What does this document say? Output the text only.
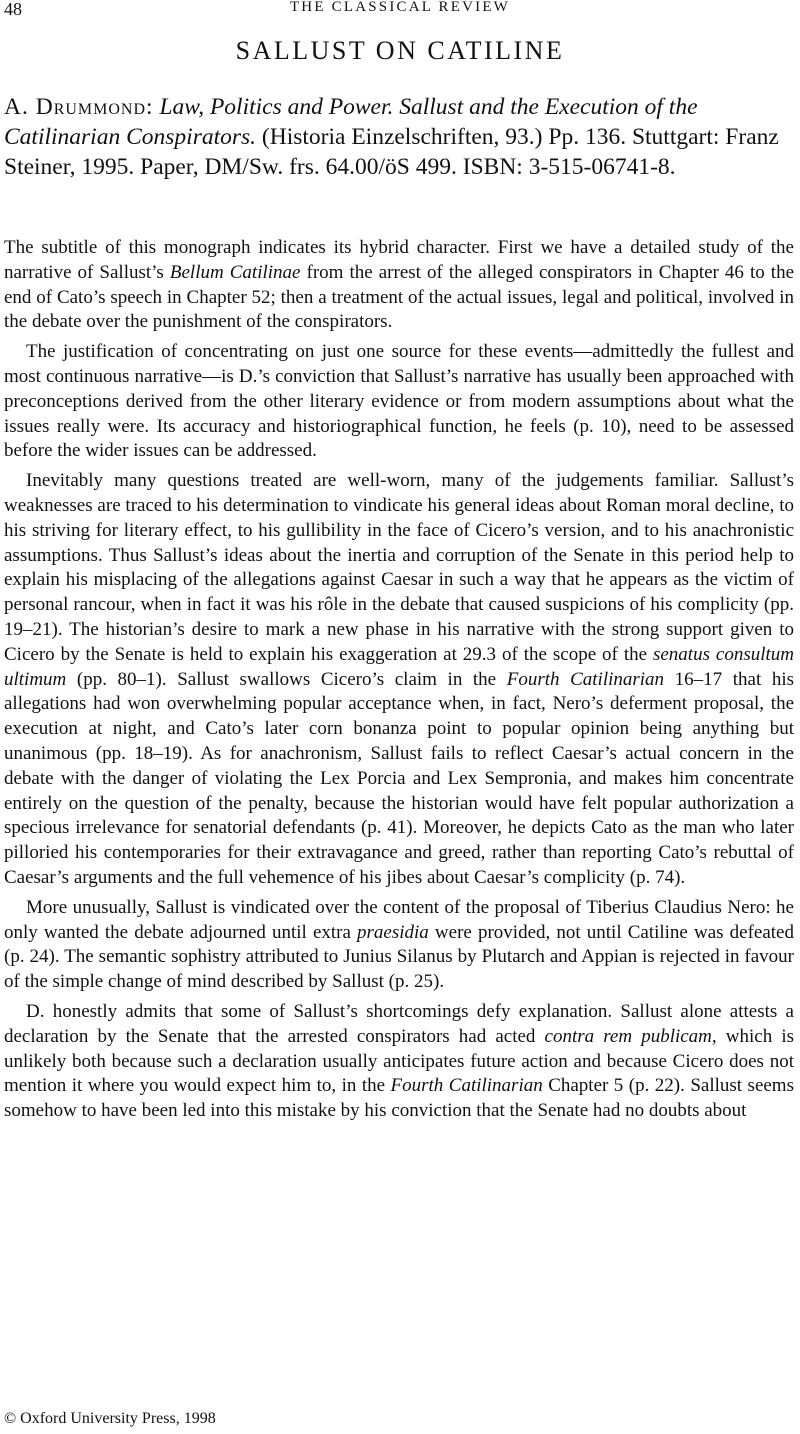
48	THE CLASSICAL REVIEW
SALLUST ON CATILINE
A. Drummond: Law, Politics and Power. Sallust and the Execution of the Catilinarian Conspirators. (Historia Einzelschriften, 93.) Pp. 136. Stuttgart: Franz Steiner, 1995. Paper, DM/Sw. frs. 64.00/öS 499. ISBN: 3-515-06741-8.

The subtitle of this monograph indicates its hybrid character. First we have a detailed study of the narrative of Sallust’s Bellum Catilinae from the arrest of the alleged conspirators in Chapter 46 to the end of Cato’s speech in Chapter 52; then a treatment of the actual issues, legal and political, involved in the debate over the punishment of the conspirators.

The justification of concentrating on just one source for these events—admittedly the fullest and most continuous narrative—is D.’s conviction that Sallust’s narrative has usually been approached with preconceptions derived from the other literary evidence or from modern assumptions about what the issues really were. Its accuracy and historiographical function, he feels (p. 10), need to be assessed before the wider issues can be addressed.

Inevitably many questions treated are well-worn, many of the judgements familiar. Sallust’s weaknesses are traced to his determination to vindicate his general ideas about Roman moral decline, to his striving for literary effect, to his gullibility in the face of Cicero’s version, and to his anachronistic assumptions. Thus Sallust’s ideas about the inertia and corruption of the Senate in this period help to explain his misplacing of the allegations against Caesar in such a way that he appears as the victim of personal rancour, when in fact it was his rôle in the debate that caused suspicions of his complicity (pp. 19–21). The historian’s desire to mark a new phase in his narrative with the strong support given to Cicero by the Senate is held to explain his exaggeration at 29.3 of the scope of the senatus consultum ultimum (pp. 80–1). Sallust swallows Cicero’s claim in the Fourth Catilinarian 16–17 that his allegations had won overwhelming popular acceptance when, in fact, Nero’s deferment proposal, the execution at night, and Cato’s later corn bonanza point to popular opinion being anything but unanimous (pp. 18–19). As for anachronism, Sallust fails to reflect Caesar’s actual concern in the debate with the danger of violating the Lex Porcia and Lex Sempronia, and makes him concentrate entirely on the question of the penalty, because the historian would have felt popular authorization a specious irrelevance for senatorial defendants (p. 41). Moreover, he depicts Cato as the man who later pilloried his contemporaries for their extravagance and greed, rather than reporting Cato’s rebuttal of Caesar’s arguments and the full vehemence of his jibes about Caesar’s complicity (p. 74).

More unusually, Sallust is vindicated over the content of the proposal of Tiberius Claudius Nero: he only wanted the debate adjourned until extra praesidia were provided, not until Catiline was defeated (p. 24). The semantic sophistry attributed to Junius Silanus by Plutarch and Appian is rejected in favour of the simple change of mind described by Sallust (p. 25).

D. honestly admits that some of Sallust’s shortcomings defy explanation. Sallust alone attests a declaration by the Senate that the arrested conspirators had acted contra rem publicam, which is unlikely both because such a declaration usually anticipates future action and because Cicero does not mention it where you would expect him to, in the Fourth Catilinarian Chapter 5 (p. 22). Sallust seems somehow to have been led into this mistake by his conviction that the Senate had no doubts about

© Oxford University Press, 1998
